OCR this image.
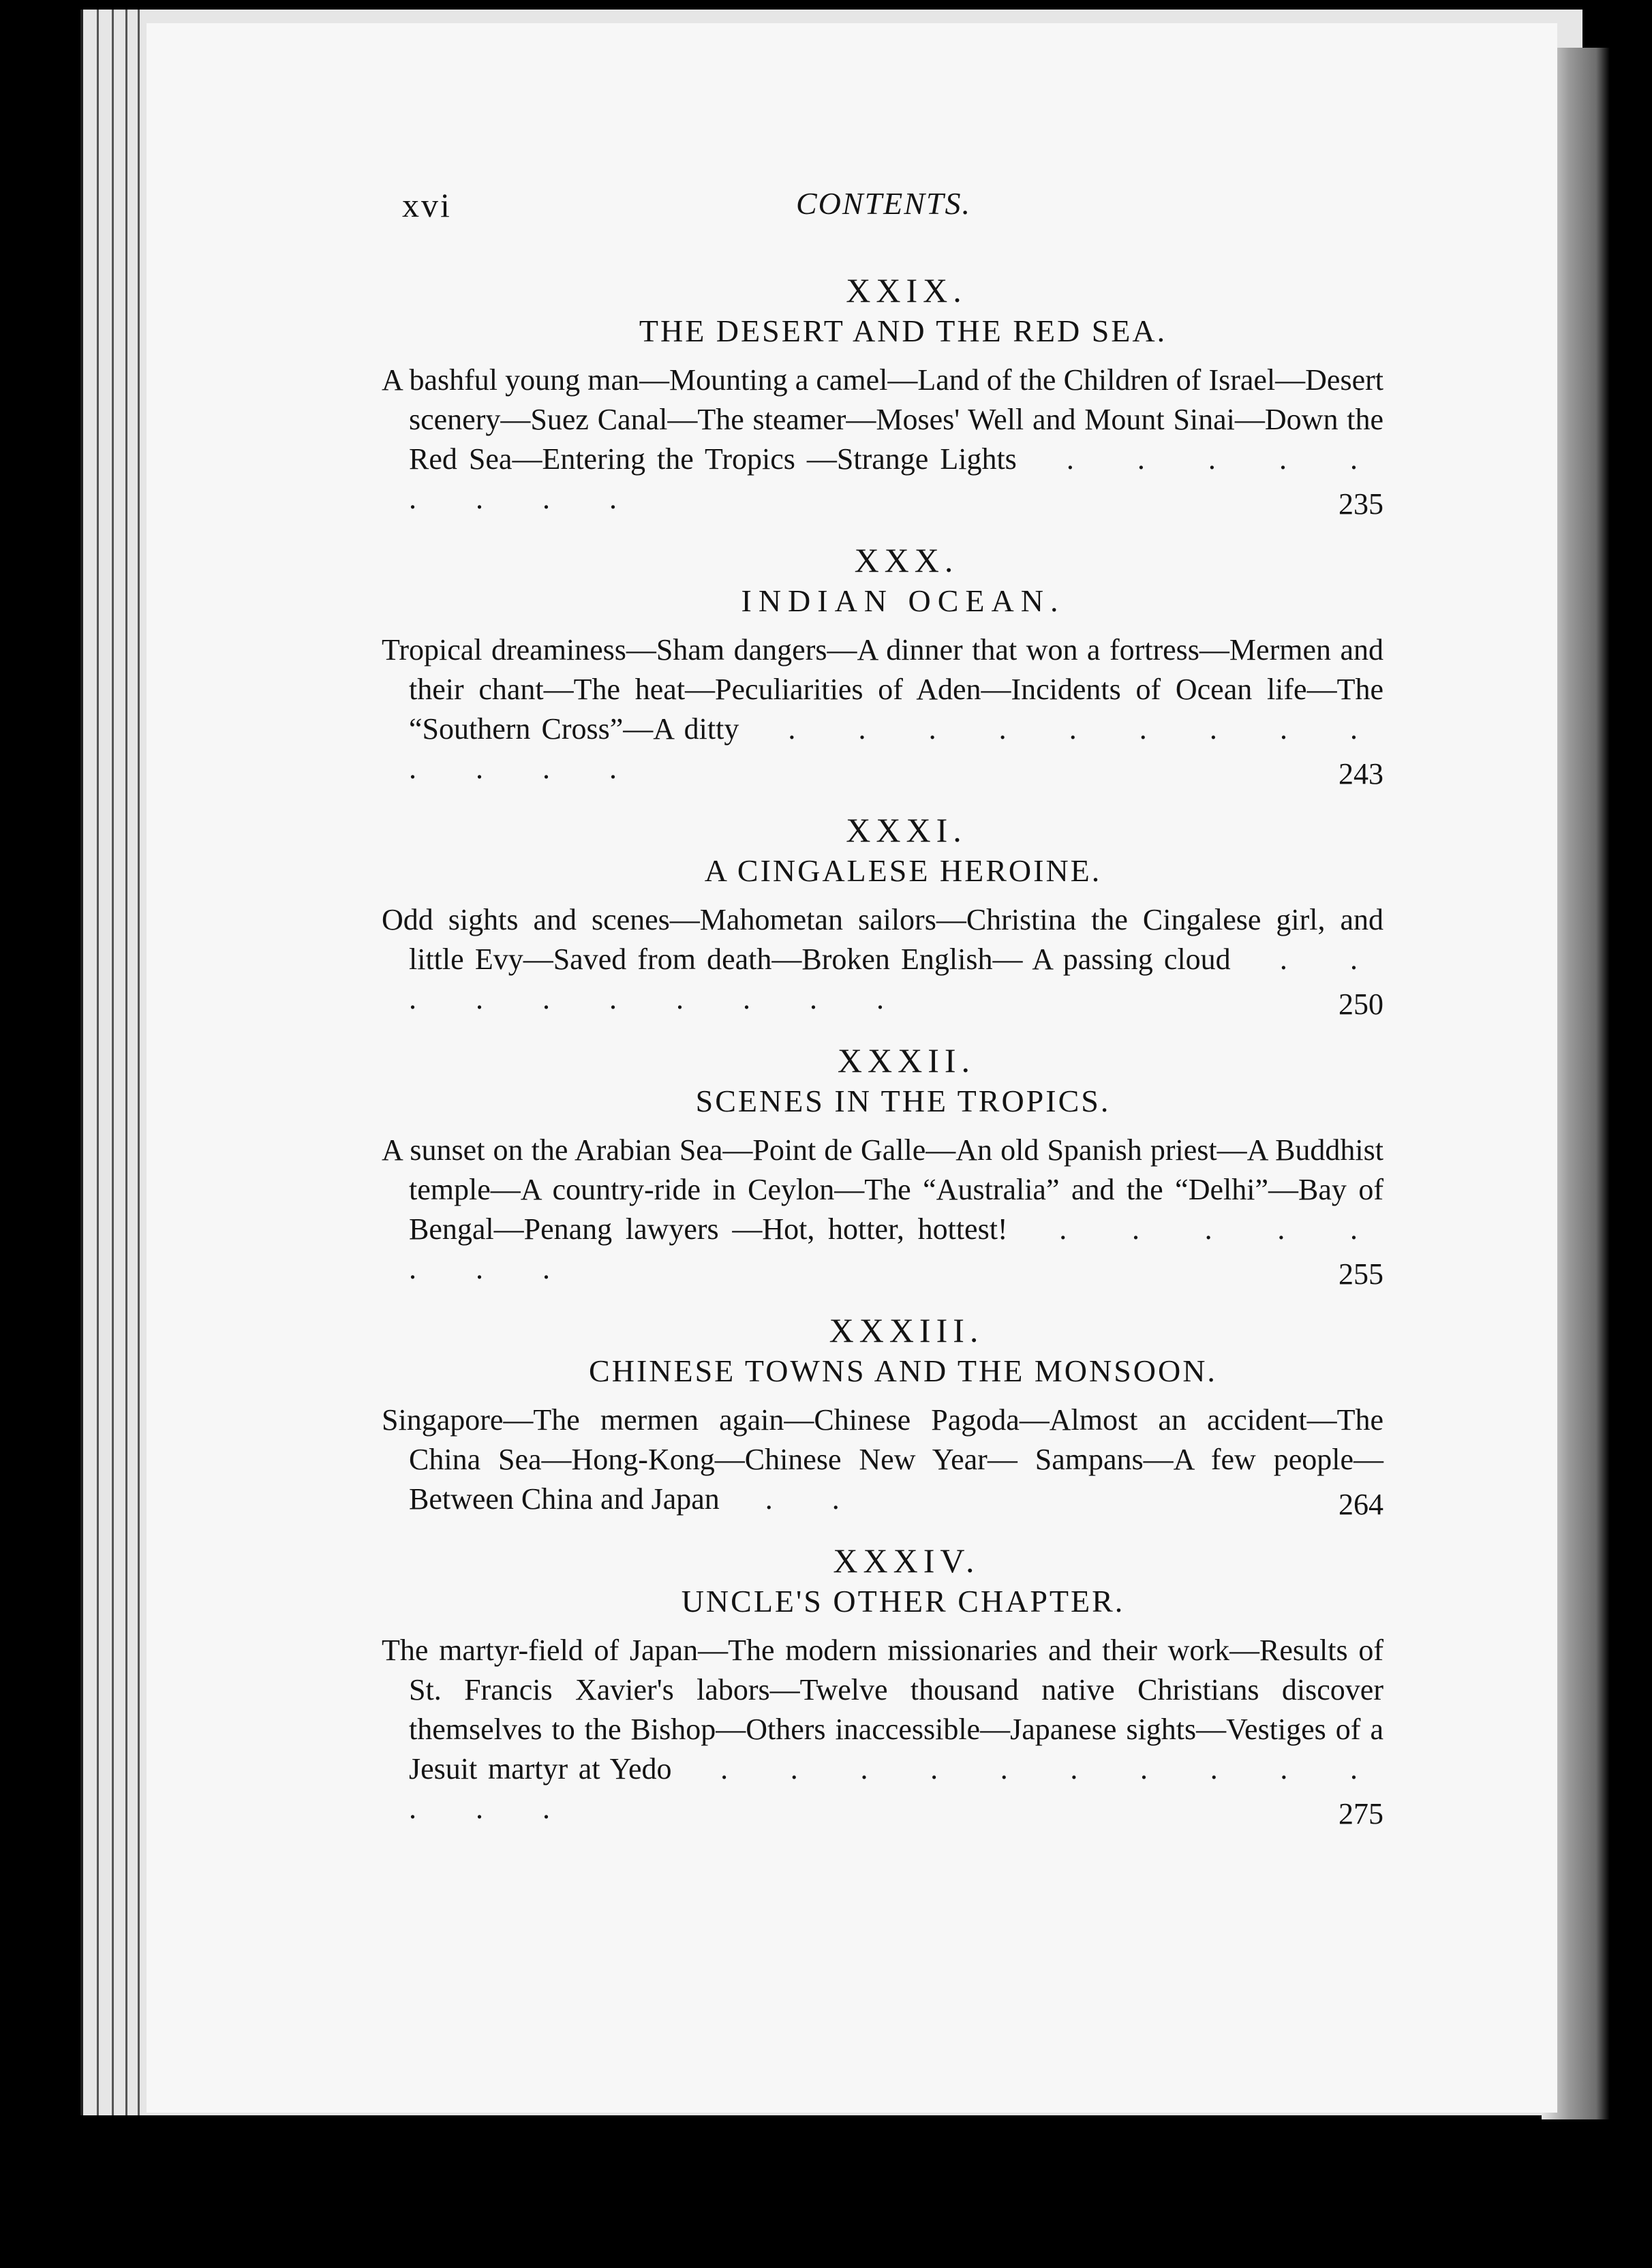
xvi	CONTENTS.
XXIX.
THE DESERT AND THE RED SEA.
A bashful young man—Mounting a camel—Land of the Children of Israel—Desert scenery—Suez Canal—The steamer—Moses' Well and Mount Sinai—Down the Red Sea—Entering the Tropics —Strange Lights . . . . . . . . .	235
XXX.
INDIAN OCEAN.
Tropical dreaminess—Sham dangers—A dinner that won a fortress—Mermen and their chant—The heat—Peculiarities of Aden—Incidents of Ocean life—The “Southern Cross”—A ditty . . . . . . . . . . . . .	243
XXXI.
A CINGALESE HEROINE.
Odd sights and scenes—Mahometan sailors—Christina the Cingalese girl, and little Evy—Saved from death—Broken English— A passing cloud . . . . . . . . . .	250
XXXII.
SCENES IN THE TROPICS.
A sunset on the Arabian Sea—Point de Galle—An old Spanish priest—A Buddhist temple—A country-ride in Ceylon—The “Australia” and the “Delhi”—Bay of Bengal—Penang lawyers —Hot, hotter, hottest! . . . . . . . .	255
XXXIII.
CHINESE TOWNS AND THE MONSOON.
Singapore—The mermen again—Chinese Pagoda—Almost an accident—The China Sea—Hong-Kong—Chinese New Year— Sampans—A few people—Between China and Japan . .	264
XXXIV.
UNCLE'S OTHER CHAPTER.
The martyr-field of Japan—The modern missionaries and their work—Results of St. Francis Xavier's labors—Twelve thousand native Christians discover themselves to the Bishop—Others inaccessible—Japanese sights—Vestiges of a Jesuit martyr at Yedo . . . . . . . . . . . . .	275
